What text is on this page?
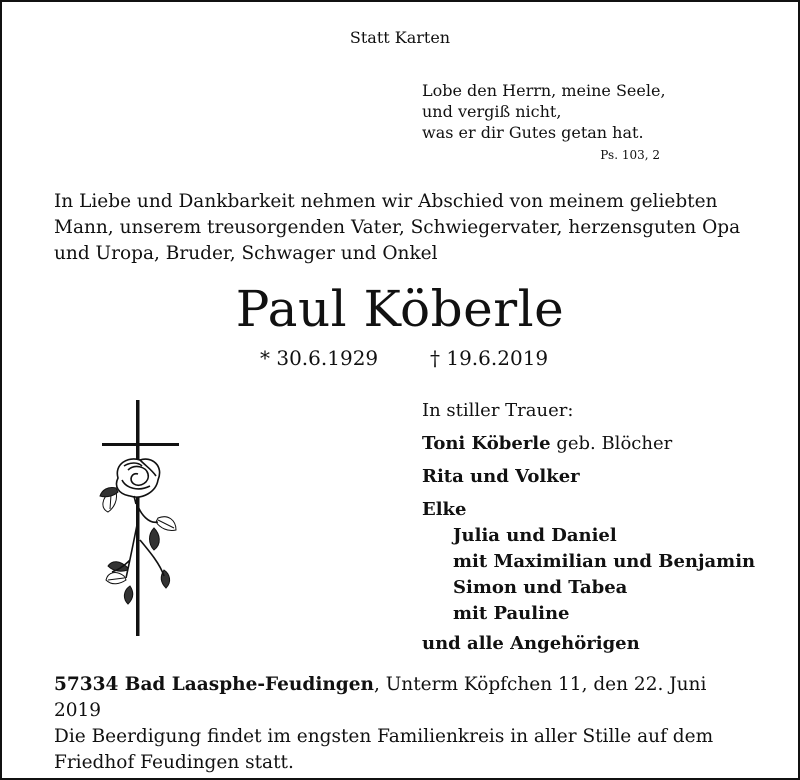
Statt Karten
Lobe den Herrn, meine Seele,
und vergiß nicht,
was er dir Gutes getan hat.
Ps. 103, 2
In Liebe und Dankbarkeit nehmen wir Abschied von meinem geliebten Mann, unserem treusorgenden Vater, Schwiegervater, herzensguten Opa und Uropa, Bruder, Schwager und Onkel
Paul Köberle
* 30.6.1929	† 19.6.2019
In stiller Trauer:
Toni Köberle geb. Blöcher
Rita und Volker
Elke
Julia und Daniel
mit Maximilian und Benjamin
Simon und Tabea
mit Pauline
und alle Angehörigen
57334 Bad Laasphe-Feudingen, Unterm Köpfchen 11, den 22. Juni 2019
Die Beerdigung findet im engsten Familienkreis in aller Stille auf dem Friedhof Feudingen statt.
